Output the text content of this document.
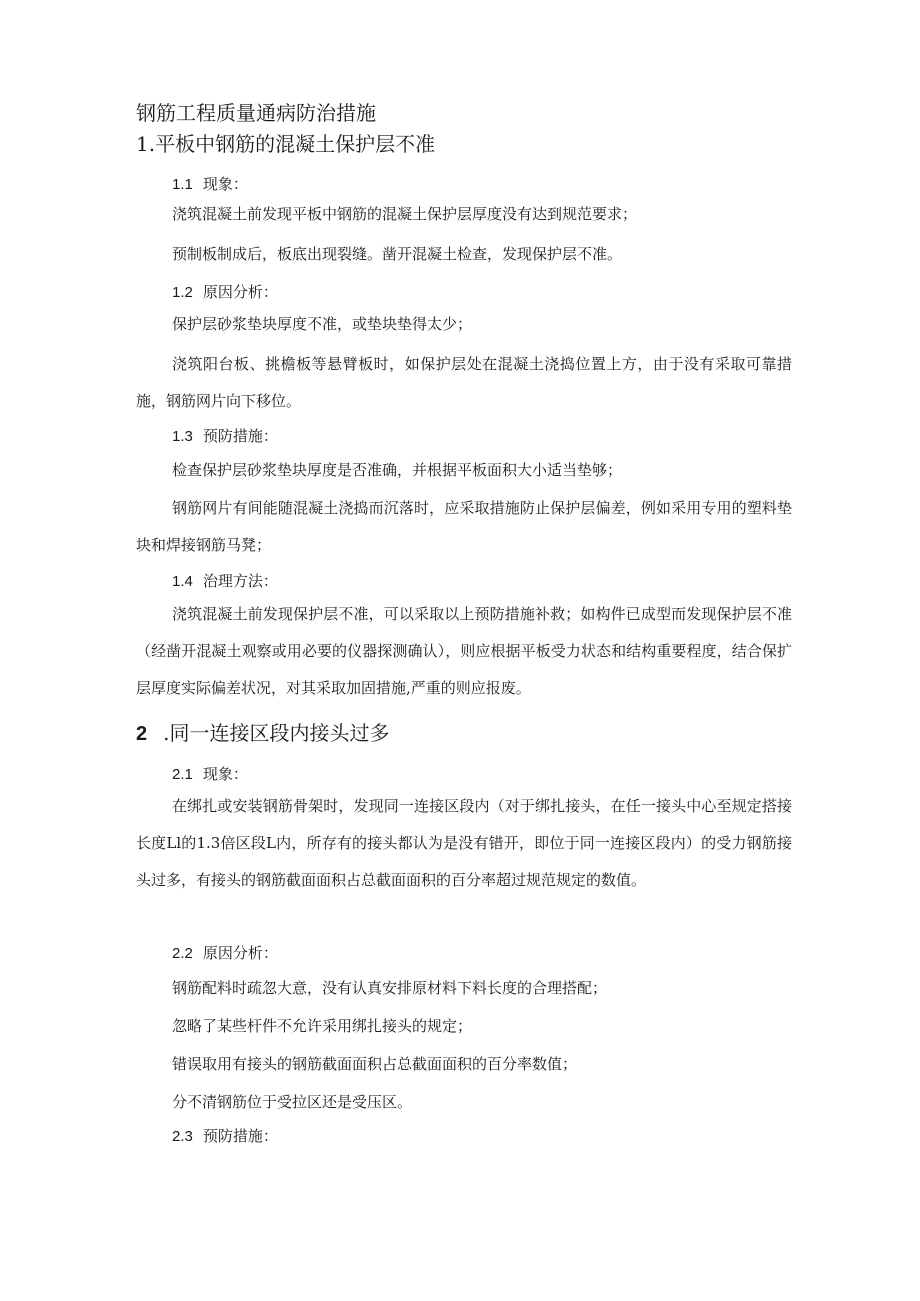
钢筋工程质量通病防治措施
1.平板中钢筋的混凝土保护层不准
1.1 现象：
浇筑混凝土前发现平板中钢筋的混凝土保护层厚度没有达到规范要求；
预制板制成后，板底出现裂缝。凿开混凝土检查，发现保护层不准。
1.2 原因分析：
保护层砂浆垫块厚度不准，或垫块垫得太少；
浇筑阳台板、挑檐板等悬臂板时，如保护层处在混凝土浇捣位置上方，由于没有采取可靠措施，钢筋网片向下移位。
1.3 预防措施：
检查保护层砂浆垫块厚度是否准确，并根据平板面积大小适当垫够；
钢筋网片有间能随混凝土浇捣而沉落时，应采取措施防止保护层偏差，例如采用专用的塑料垫块和焊接钢筋马凳；
1.4 治理方法：
浇筑混凝土前发现保护层不准，可以采取以上预防措施补救；如构件已成型而发现保护层不准（经凿开混凝土观察或用必要的仪器探测确认），则应根据平板受力状态和结构重要程度，结合保扩层厚度实际偏差状况，对其采取加固措施,严重的则应报废。
2 .同一连接区段内接头过多
2.1 现象：
在绑扎或安装钢筋骨架时，发现同一连接区段内（对于绑扎接头，在任一接头中心至规定搭接长度Ll的1.3倍区段L内，所存有的接头都认为是没有错开，即位于同一连接区段内）的受力钢筋接头过多，有接头的钢筋截面面积占总截面面积的百分率超过规范规定的数值。
2.2 原因分析：
钢筋配料时疏忽大意，没有认真安排原材料下料长度的合理搭配；
忽略了某些杆件不允许采用绑扎接头的规定；
错误取用有接头的钢筋截面面积占总截面面积的百分率数值；
分不清钢筋位于受拉区还是受压区。
2.3 预防措施：
